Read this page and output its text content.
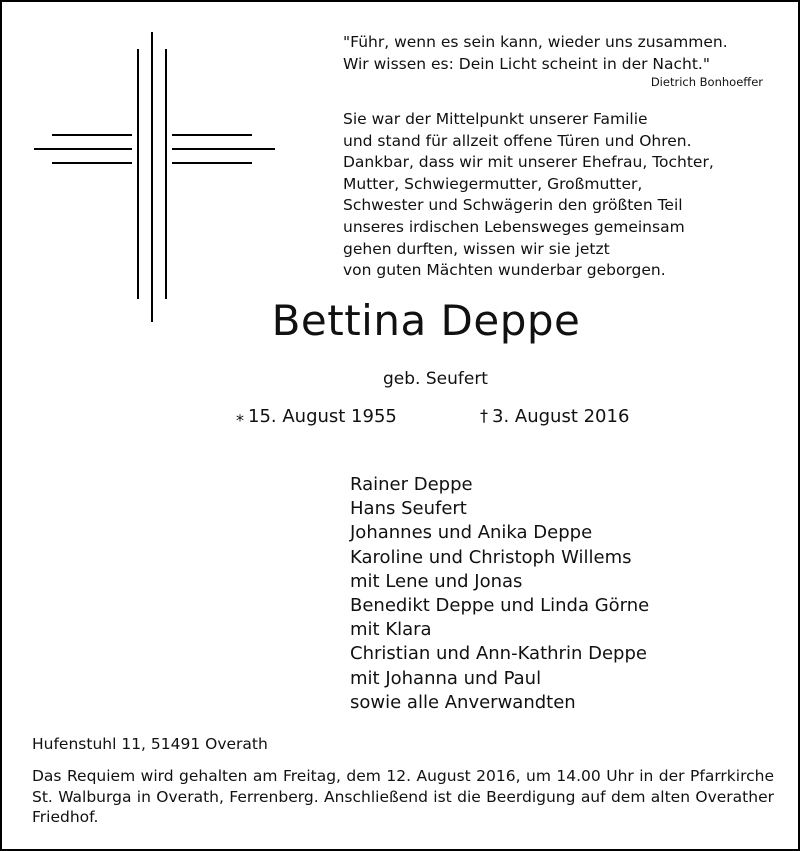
"Führ, wenn es sein kann, wieder uns zusammen.
Wir wissen es: Dein Licht scheint in der Nacht."
Dietrich Bonhoeffer
Sie war der Mittelpunkt unserer Familie
und stand für allzeit offene Türen und Ohren.
Dankbar, dass wir mit unserer Ehefrau, Tochter,
Mutter, Schwiegermutter, Großmutter,
Schwester und Schwägerin den größten Teil
unseres irdischen Lebensweges gemeinsam
gehen durften, wissen wir sie jetzt
von guten Mächten wunderbar geborgen.
Bettina Deppe
geb. Seufert
⁎ 15. August 1955	† 3. August 2016
Rainer Deppe
Hans Seufert
Johannes und Anika Deppe
Karoline und Christoph Willems
mit Lene und Jonas
Benedikt Deppe und Linda Görne
mit Klara
Christian und Ann-Kathrin Deppe
mit Johanna und Paul
sowie alle Anverwandten
Hufenstuhl 11, 51491 Overath
Das Requiem wird gehalten am Freitag, dem 12. August 2016, um 14.00 Uhr in der Pfarrkirche St. Walburga in Overath, Ferrenberg. Anschließend ist die Beerdigung auf dem alten Overather Friedhof.
